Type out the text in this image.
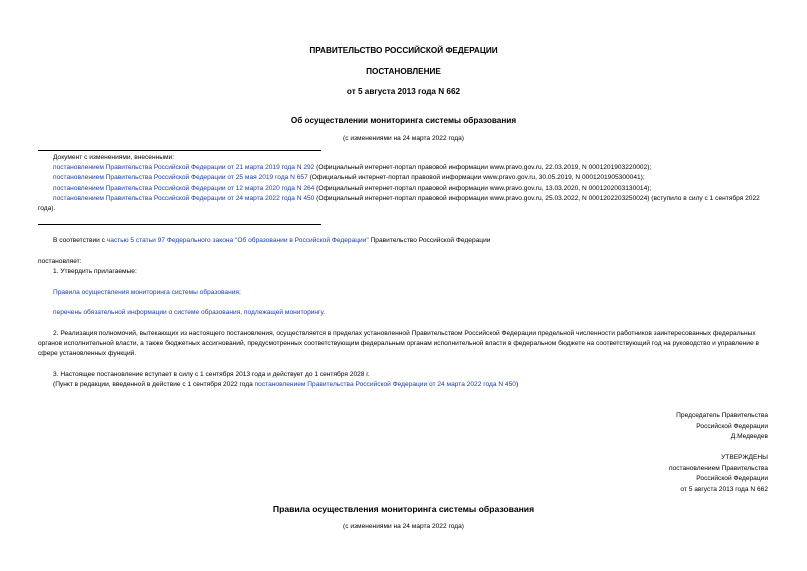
ПРАВИТЕЛЬСТВО РОССИЙСКОЙ ФЕДЕРАЦИИ
ПОСТАНОВЛЕНИЕ
от 5 августа 2013 года N 662
Об осуществлении мониторинга системы образования
(с изменениями на 24 марта 2022 года)
Документ с изменениями, внесенными:
постановлением Правительства Российской Федерации от 21 марта 2019 года N 292 (Официальный интернет-портал правовой информации www.pravo.gov.ru, 22.03.2019, N 0001201903220002);
постановлением Правительства Российской Федерации от 25 мая 2019 года N 657 (Официальный интернет-портал правовой информации www.pravo.gov.ru, 30.05.2019, N 0001201905300041);
постановлением Правительства Российской Федерации от 12 марта 2020 года N 264 (Официальный интернет-портал правовой информации www.pravo.gov.ru, 13.03.2020, N 0001202003130014);
постановлением Правительства Российской Федерации от 24 марта 2022 года N 450 (Официальный интернет-портал правовой информации www.pravo.gov.ru, 25.03.2022, N 0001202203250024) (вступило в силу с 1 сентября 2022 года).
В соответствии с частью 5 статьи 97 Федерального закона "Об образовании в Российской Федерации" Правительство Российской Федерации
постановляет:
1. Утвердить прилагаемые:
Правила осуществления мониторинга системы образования;
перечень обязательной информации о системе образования, подлежащей мониторингу.
2. Реализация полномочий, вытекающих из настоящего постановления, осуществляется в пределах установленной Правительством Российской Федерации предельной численности работников заинтересованных федеральных органов исполнительной власти, а также бюджетных ассигнований, предусмотренных соответствующим федеральным органам исполнительной власти в федеральном бюджете на соответствующий год на руководство и управление в сфере установленных функций.
3. Настоящее постановление вступает в силу с 1 сентября 2013 года и действует до 1 сентября 2028 г.
(Пункт в редакции, введенной в действие с 1 сентября 2022 года постановлением Правительства Российской Федерации от 24 марта 2022 года N 450)
Председатель Правительства
Российской Федерации
Д.Медведев
УТВЕРЖДЕНЫ
постановлением Правительства
Российской Федерации
от 5 августа 2013 года N 662
Правила осуществления мониторинга системы образования
(с изменениями на 24 марта 2022 года)
